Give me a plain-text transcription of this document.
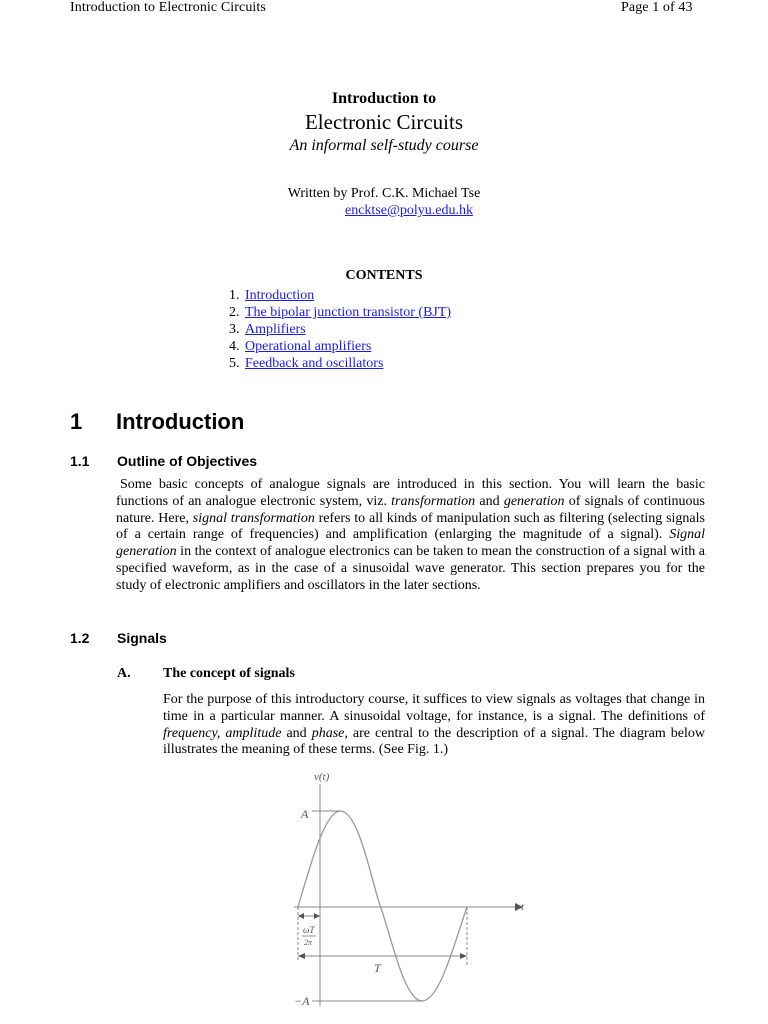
Introduction to Electronic Circuits	Page 1 of 43
Introduction to
Electronic Circuits
An informal self-study course
Written by Prof. C.K. Michael Tse
encktse@polyu.edu.hk
CONTENTS
1. Introduction
2. The bipolar junction transistor (BJT)
3. Amplifiers
4. Operational amplifiers
5. Feedback and oscillators
1 Introduction
1.1 Outline of Objectives
Some basic concepts of analogue signals are introduced in this section. You will learn the basic functions of an analogue electronic system, viz. transformation and generation of signals of continuous nature. Here, signal transformation refers to all kinds of manipulation such as filtering (selecting signals of a certain range of frequencies) and amplification (enlarging the magnitude of a signal). Signal generation in the context of analogue electronics can be taken to mean the construction of a signal with a specified waveform, as in the case of a sinusoidal wave generator. This section prepares you for the study of electronic amplifiers and oscillators in the later sections.
1.2 Signals
A. The concept of signals
For the purpose of this introductory course, it suffices to view signals as voltages that change in time in a particular manner. A sinusoidal voltage, for instance, is a signal. The definitions of frequency, amplitude and phase, are central to the description of a signal. The diagram below illustrates the meaning of these terms. (See Fig. 1.)
v(t)
t
A
−A
T
ωT
2π
